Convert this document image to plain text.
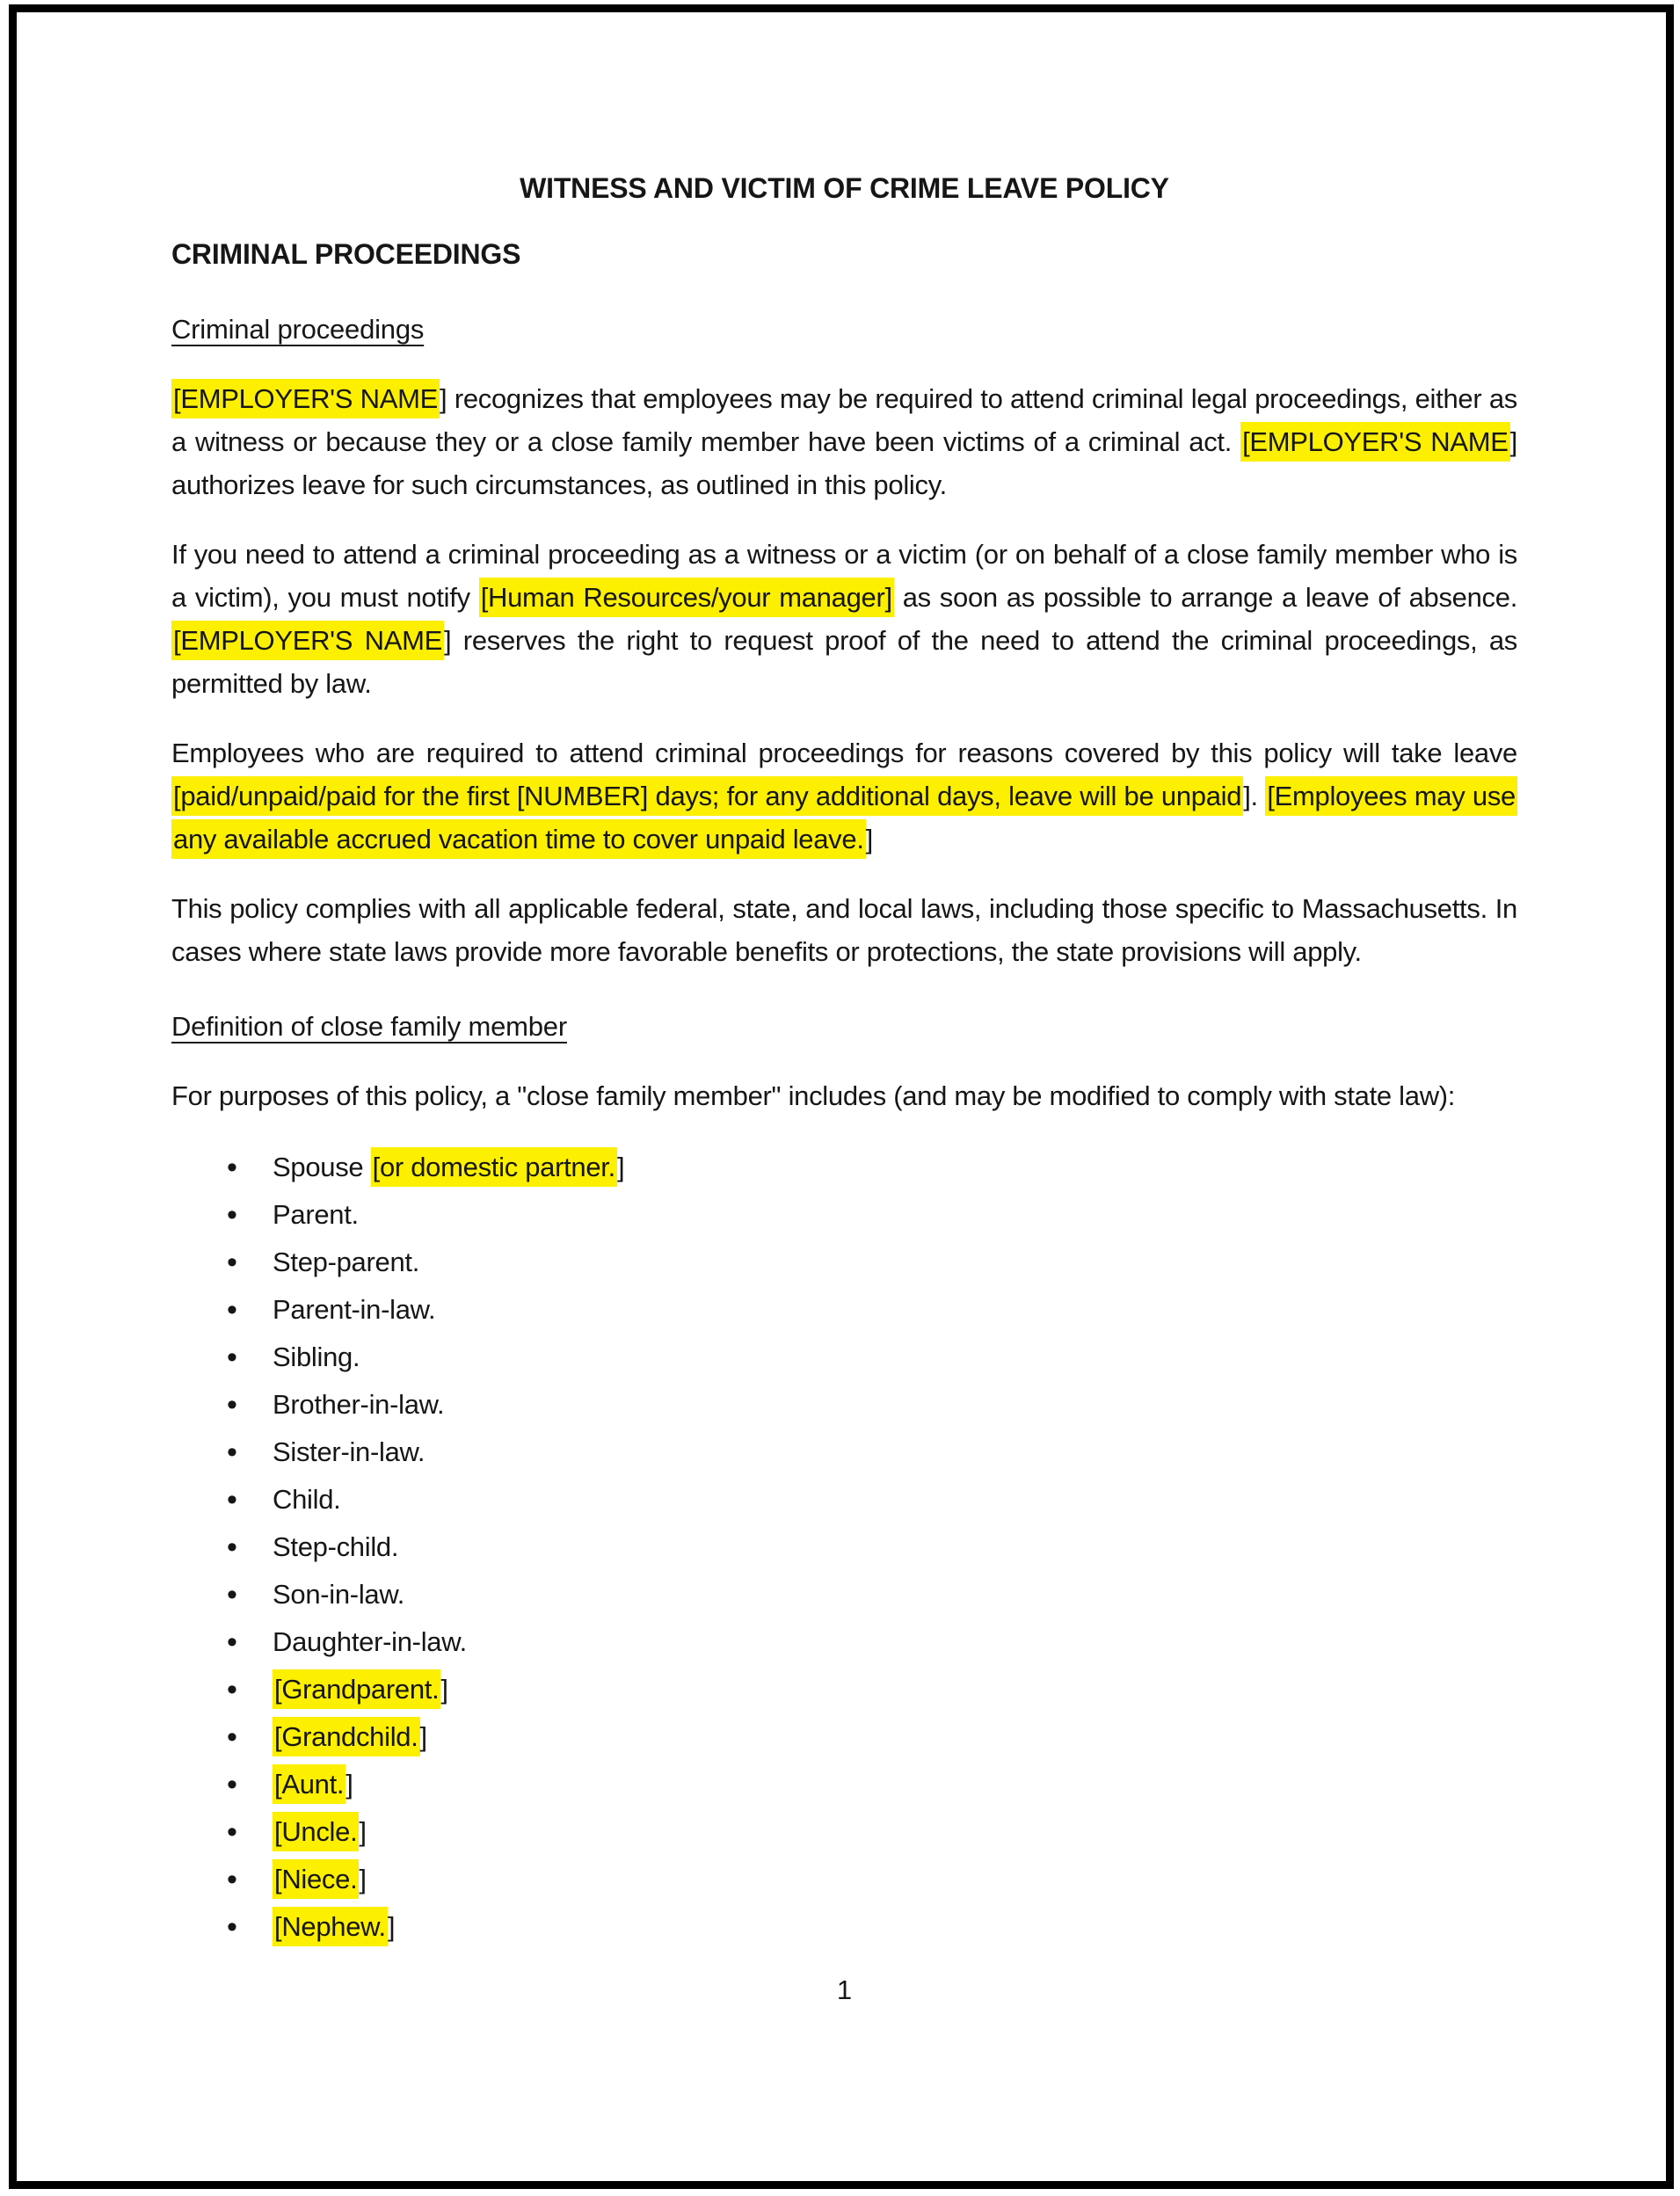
WITNESS AND VICTIM OF CRIME LEAVE POLICY
CRIMINAL PROCEEDINGS
Criminal proceedings

[EMPLOYER'S NAME] recognizes that employees may be required to attend criminal legal proceedings, either as a witness or because they or a close family member have been victims of a criminal act. [EMPLOYER'S NAME] authorizes leave for such circumstances, as outlined in this policy.

If you need to attend a criminal proceeding as a witness or a victim (or on behalf of a close family member who is a victim), you must notify [Human Resources/your manager] as soon as possible to arrange a leave of absence. [EMPLOYER'S NAME] reserves the right to request proof of the need to attend the criminal proceedings, as permitted by law.

Employees who are required to attend criminal proceedings for reasons covered by this policy will take leave [paid/unpaid/paid for the first [NUMBER] days; for any additional days, leave will be unpaid]. [Employees may use any available accrued vacation time to cover unpaid leave.]

This policy complies with all applicable federal, state, and local laws, including those specific to Massachusetts. In cases where state laws provide more favorable benefits or protections, the state provisions will apply.

Definition of close family member

For purposes of this policy, a "close family member" includes (and may be modified to comply with state law):

• Spouse [or domestic partner.]
• Parent.
• Step-parent.
• Parent-in-law.
• Sibling.
• Brother-in-law.
• Sister-in-law.
• Child.
• Step-child.
• Son-in-law.
• Daughter-in-law.
• [Grandparent.]
• [Grandchild.]
• [Aunt.]
• [Uncle.]
• [Niece.]
• [Nephew.]
1
